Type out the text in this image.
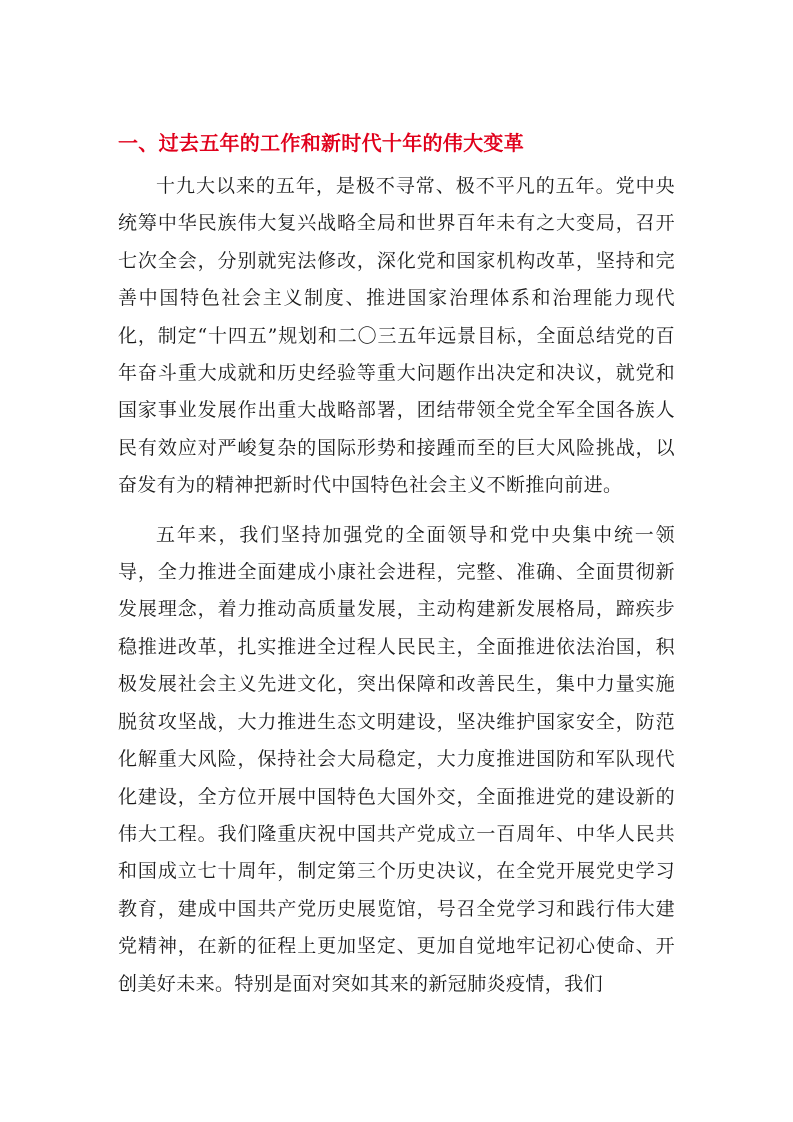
一、过去五年的工作和新时代十年的伟大变革

十九大以来的五年，是极不寻常、极不平凡的五年。党中央统筹中华民族伟大复兴战略全局和世界百年未有之大变局，召开七次全会，分别就宪法修改，深化党和国家机构改革，坚持和完善中国特色社会主义制度、推进国家治理体系和治理能力现代化，制定“十四五”规划和二〇三五年远景目标，全面总结党的百年奋斗重大成就和历史经验等重大问题作出决定和决议，就党和国家事业发展作出重大战略部署，团结带领全党全军全国各族人民有效应对严峻复杂的国际形势和接踵而至的巨大风险挑战，以奋发有为的精神把新时代中国特色社会主义不断推向前进。

五年来，我们坚持加强党的全面领导和党中央集中统一领导，全力推进全面建成小康社会进程，完整、准确、全面贯彻新发展理念，着力推动高质量发展，主动构建新发展格局，蹄疾步稳推进改革，扎实推进全过程人民民主，全面推进依法治国，积极发展社会主义先进文化，突出保障和改善民生，集中力量实施脱贫攻坚战，大力推进生态文明建设，坚决维护国家安全，防范化解重大风险，保持社会大局稳定，大力度推进国防和军队现代化建设，全方位开展中国特色大国外交，全面推进党的建设新的伟大工程。我们隆重庆祝中国共产党成立一百周年、中华人民共和国成立七十周年，制定第三个历史决议，在全党开展党史学习教育，建成中国共产党历史展览馆，号召全党学习和践行伟大建党精神，在新的征程上更加坚定、更加自觉地牢记初心使命、开创美好未来。特别是面对突如其来的新冠肺炎疫情，我们
